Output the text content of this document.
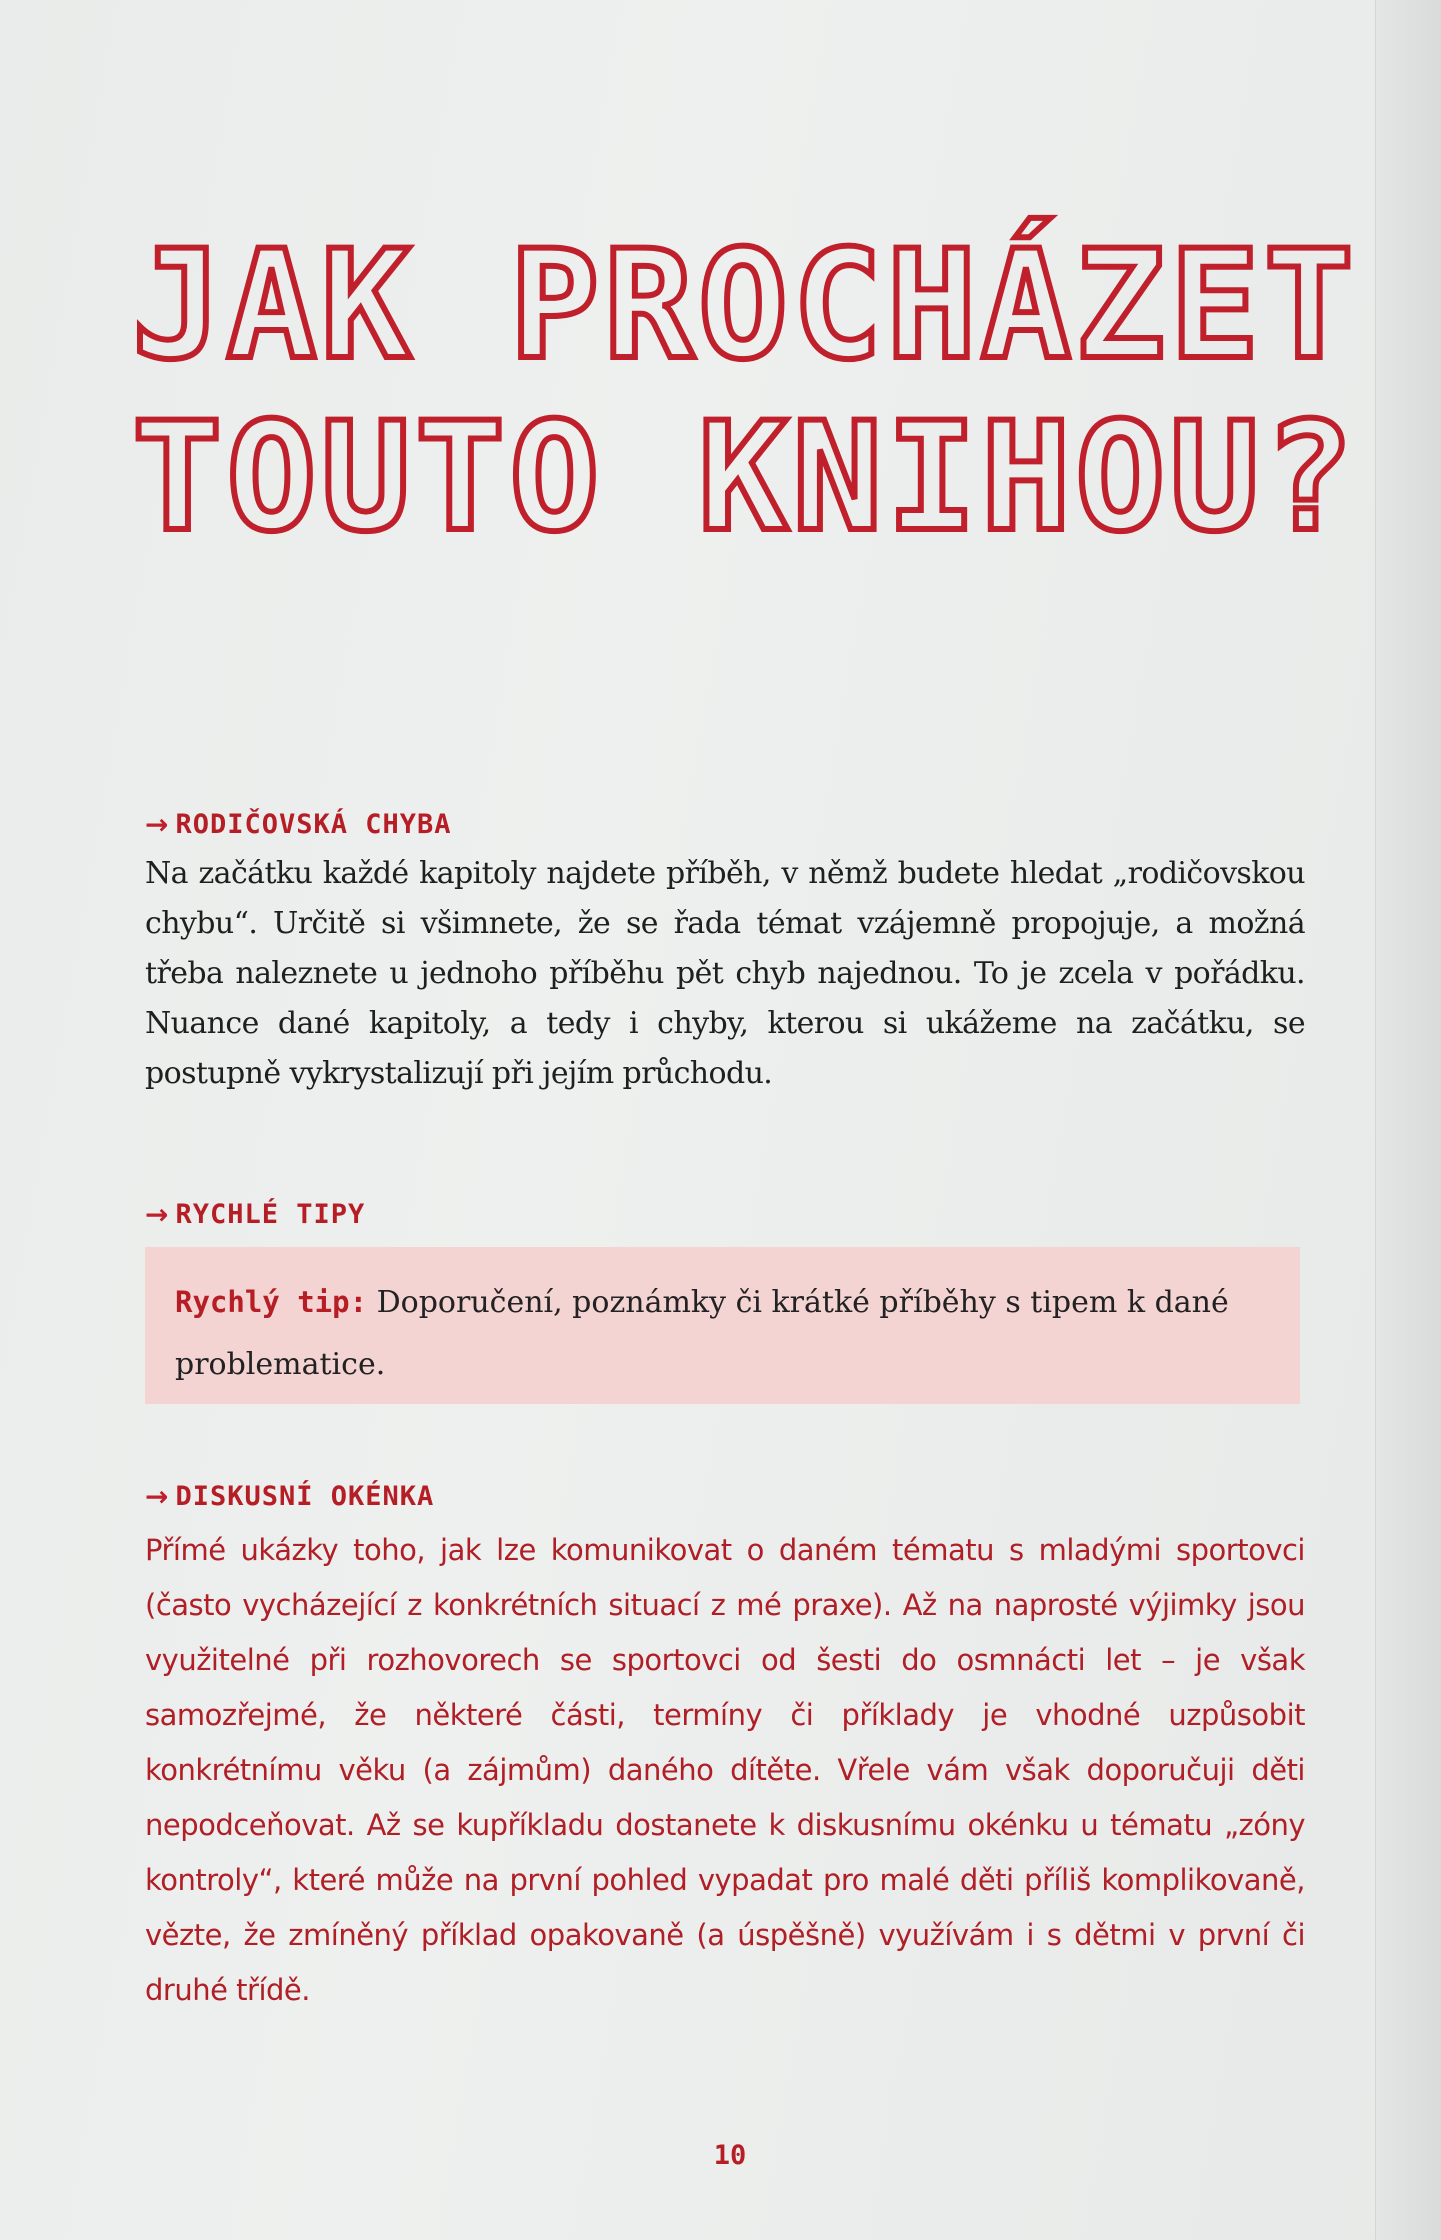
JAK PROCHÁZET
TOUTO KNIHOU?
→ RODIČOVSKÁ CHYBA

Na začátku každé kapitoly najdete příběh, v němž budete hledat „rodičovskou chybu“. Určitě si všimnete, že se řada témat vzájemně propojuje, a možná třeba naleznete u jednoho příběhu pět chyb najednou. To je zcela v pořádku. Nuance dané kapitoly, a tedy i chyby, kterou si ukážeme na začátku, se postupně vykrystalizují při jejím průchodu.

→ RYCHLÉ TIPY

Rychlý tip: Doporučení, poznámky či krátké příběhy s tipem k dané problematice.

→ DISKUSNÍ OKÉNKA

Přímé ukázky toho, jak lze komunikovat o daném tématu s mladými sportovci (často vycházející z konkrétních situací z mé praxe). Až na naprosté výjimky jsou využitelné při rozhovorech se sportovci od šesti do osmnácti let – je však samozřejmé, že některé části, termíny či příklady je vhodné uzpůsobit konkrétnímu věku (a zájmům) daného dítěte. Vřele vám však doporučuji děti nepodceňovat. Až se kupříkladu dostanete k diskusnímu okénku u tématu „zóny kontroly“, které může na první pohled vypadat pro malé děti příliš komplikovaně, vězte, že zmíněný příklad opakovaně (a úspěšně) využívám i s dětmi v první či druhé třídě.

10
